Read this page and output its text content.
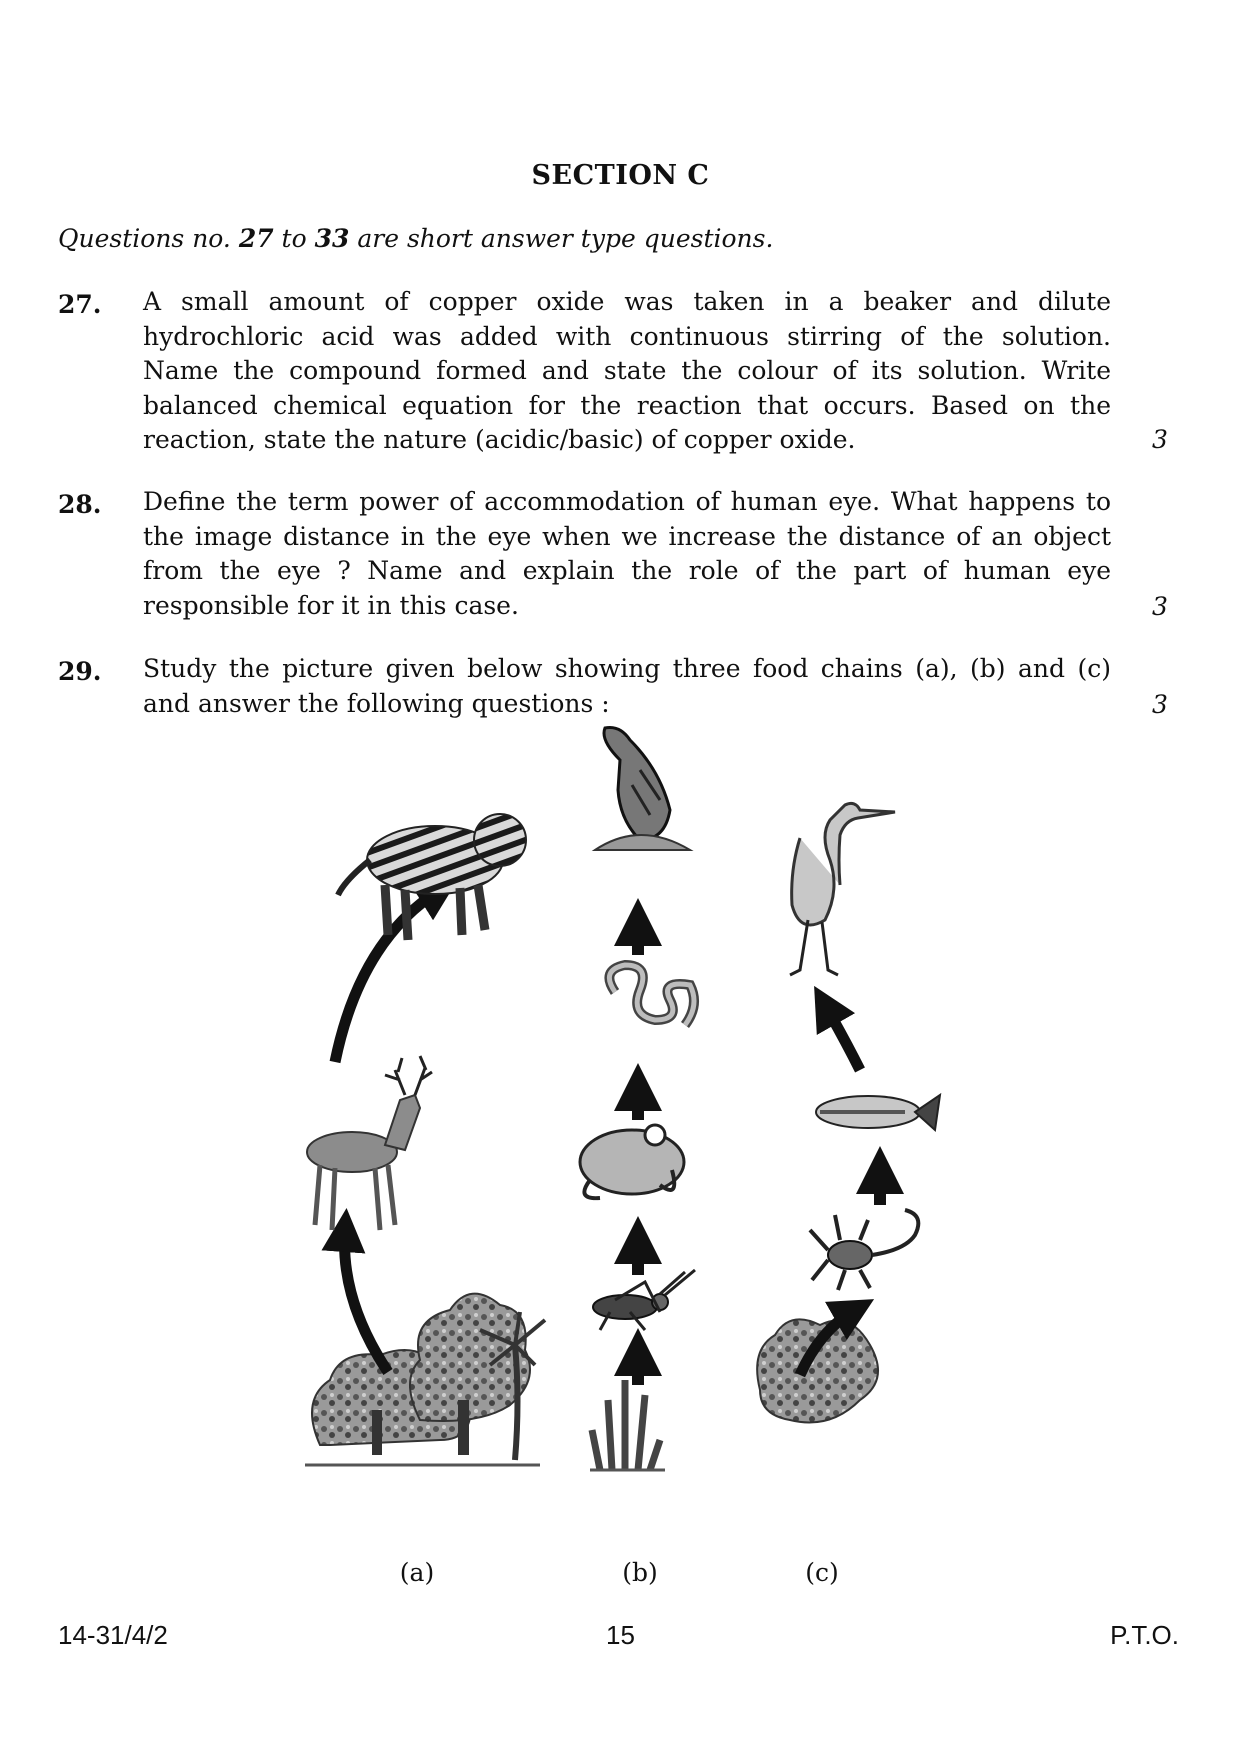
SECTION C
Questions no. 27 to 33 are short answer type questions.
27. A small amount of copper oxide was taken in a beaker and dilute
hydrochloric acid was added with continuous stirring of the solution.
Name the compound formed and state the colour of its solution. Write
balanced chemical equation for the reaction that occurs. Based on the
reaction, state the nature (acidic/basic) of copper oxide.	3
28. Define the term power of accommodation of human eye. What happens to
the image distance in the eye when we increase the distance of an object
from the eye ? Name and explain the role of the part of human eye
responsible for it in this case.	3
29. Study the picture given below showing three food chains (a), (b) and (c)
and answer the following questions :	3
(a)	(b)	(c)
14-31/4/2	15	P.T.O.
